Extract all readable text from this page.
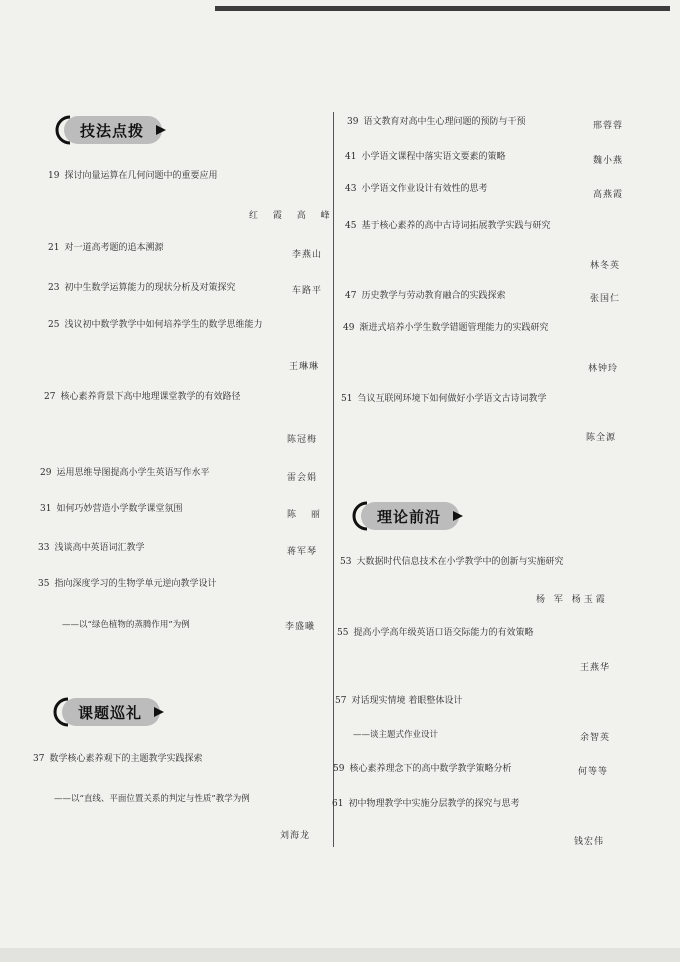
技法点拨
课题巡礼
理论前沿
19 探讨向量运算在几何问题中的重要应用
红 霞 高 峰
21 对一道高考题的追本溯源
李燕山
23 初中生数学运算能力的现状分析及对策探究	车路平
25 浅议初中数学教学中如何培养学生的数学思维能力
王琳琳
27 核心素养背景下高中地理课堂教学的有效路径
陈冠梅
29 运用思维导图提高小学生英语写作水平	雷会娟
31 如何巧妙营造小学数学课堂氛围
陈 丽
33 浅谈高中英语词汇教学	蒋军琴
35 指向深度学习的生物学单元逆向教学设计
——以“绿色植物的蒸腾作用”为例	李盛曦
37 数学核心素养观下的主题教学实践探索
——以“直线、平面位置关系的判定与性质”教学为例
刘海龙
39 语文教育对高中生心理问题的预防与干预	邢蓉蓉
41 小学语文课程中落实语文要素的策略	魏小燕
43 小学语文作业设计有效性的思考
高燕霞
45 基于核心素养的高中古诗词拓展教学实践与研究
林冬英
47 历史教学与劳动教育融合的实践探索	张国仁
49 渐进式培养小学生数学错题管理能力的实践研究
林钟玲
51 刍议互联网环境下如何做好小学语文古诗词教学
陈全源
53 大数据时代信息技术在小学教学中的创新与实施研究
杨 军 杨玉霞
55 提高小学高年级英语口语交际能力的有效策略
王燕华
57 对话现实情境 着眼整体设计
——谈主题式作业设计	余智英
59 核心素养理念下的高中数学教学策略分析	何等等
61 初中物理教学中实施分层教学的探究与思考
钱宏伟
